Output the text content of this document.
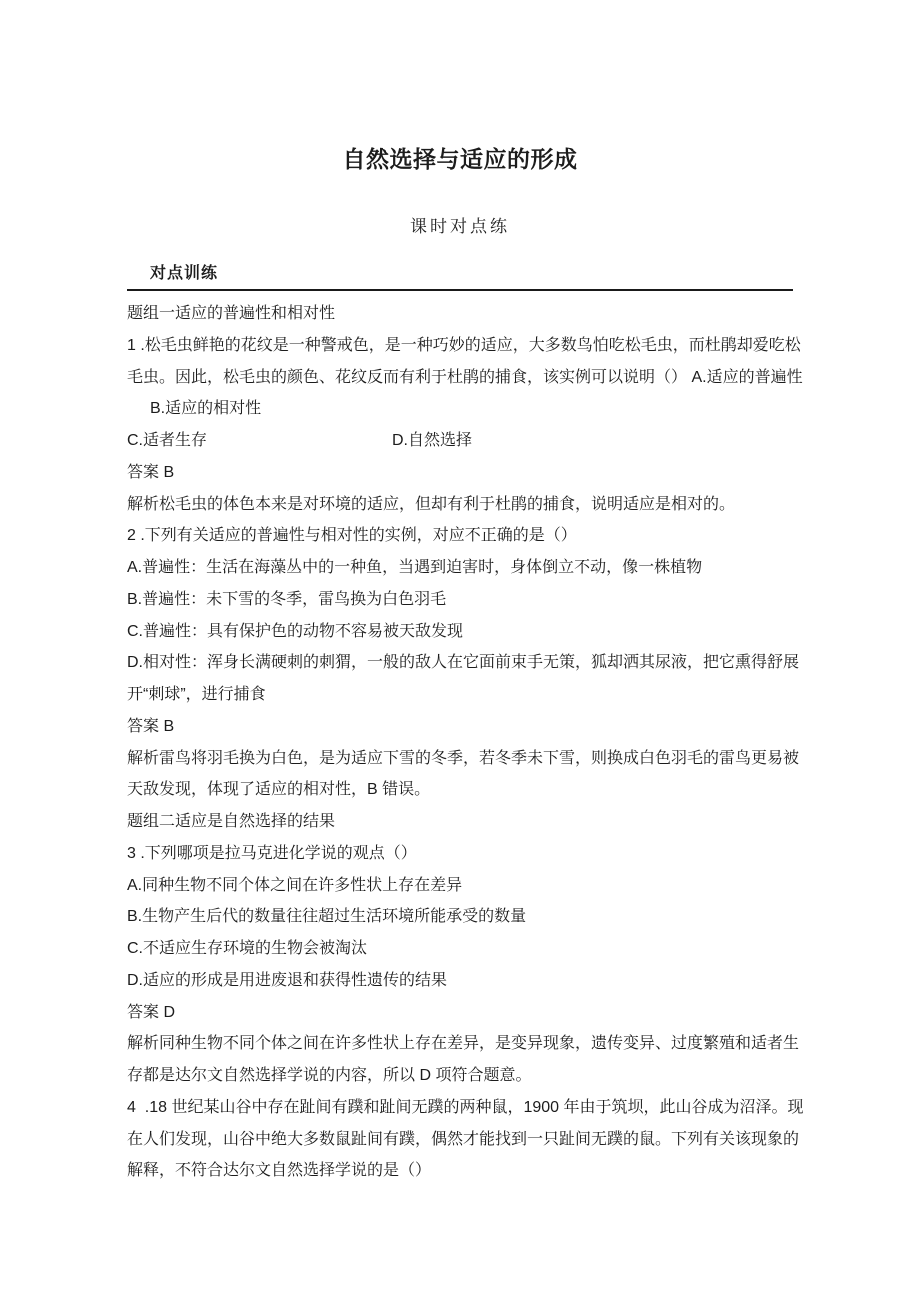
自然选择与适应的形成
课时对点练
对点训练
题组一适应的普遍性和相对性
1 .松毛虫鲜艳的花纹是一种警戒色，是一种巧妙的适应，大多数鸟怕吃松毛虫，而杜鹃却爱吃松
毛虫。因此，松毛虫的颜色、花纹反而有利于杜鹃的捕食，该实例可以说明（） A.适应的普遍性
B.适应的相对性
C.适者生存	D.自然选择
答案 B
解析松毛虫的体色本来是对环境的适应，但却有利于杜鹃的捕食，说明适应是相对的。
2 .下列有关适应的普遍性与相对性的实例，对应不正确的是（）
A.普遍性：生活在海藻丛中的一种鱼，当遇到迫害时，身体倒立不动，像一株植物
B.普遍性：未下雪的冬季，雷鸟换为白色羽毛
C.普遍性：具有保护色的动物不容易被天敌发现
D.相对性：浑身长满硬刺的刺猬，一般的敌人在它面前束手无策，狐却洒其尿液，把它熏得舒展
开“刺球”，进行捕食
答案 B
解析雷鸟将羽毛换为白色，是为适应下雪的冬季，若冬季未下雪，则换成白色羽毛的雷鸟更易被
天敌发现，体现了适应的相对性，B 错误。
题组二适应是自然选择的结果
3 .下列哪项是拉马克进化学说的观点（）
A.同种生物不同个体之间在许多性状上存在差异
B.生物产生后代的数量往往超过生活环境所能承受的数量
C.不适应生存环境的生物会被淘汰
D.适应的形成是用进废退和获得性遗传的结果
答案 D
解析同种生物不同个体之间在许多性状上存在差异，是变异现象，遗传变异、过度繁殖和适者生
存都是达尔文自然选择学说的内容，所以 D 项符合题意。
4  .18 世纪某山谷中存在趾间有蹼和趾间无蹼的两种鼠，1900 年由于筑坝，此山谷成为沼泽。现
在人们发现，山谷中绝大多数鼠趾间有蹼，偶然才能找到一只趾间无蹼的鼠。下列有关该现象的
解释，不符合达尔文自然选择学说的是（）
